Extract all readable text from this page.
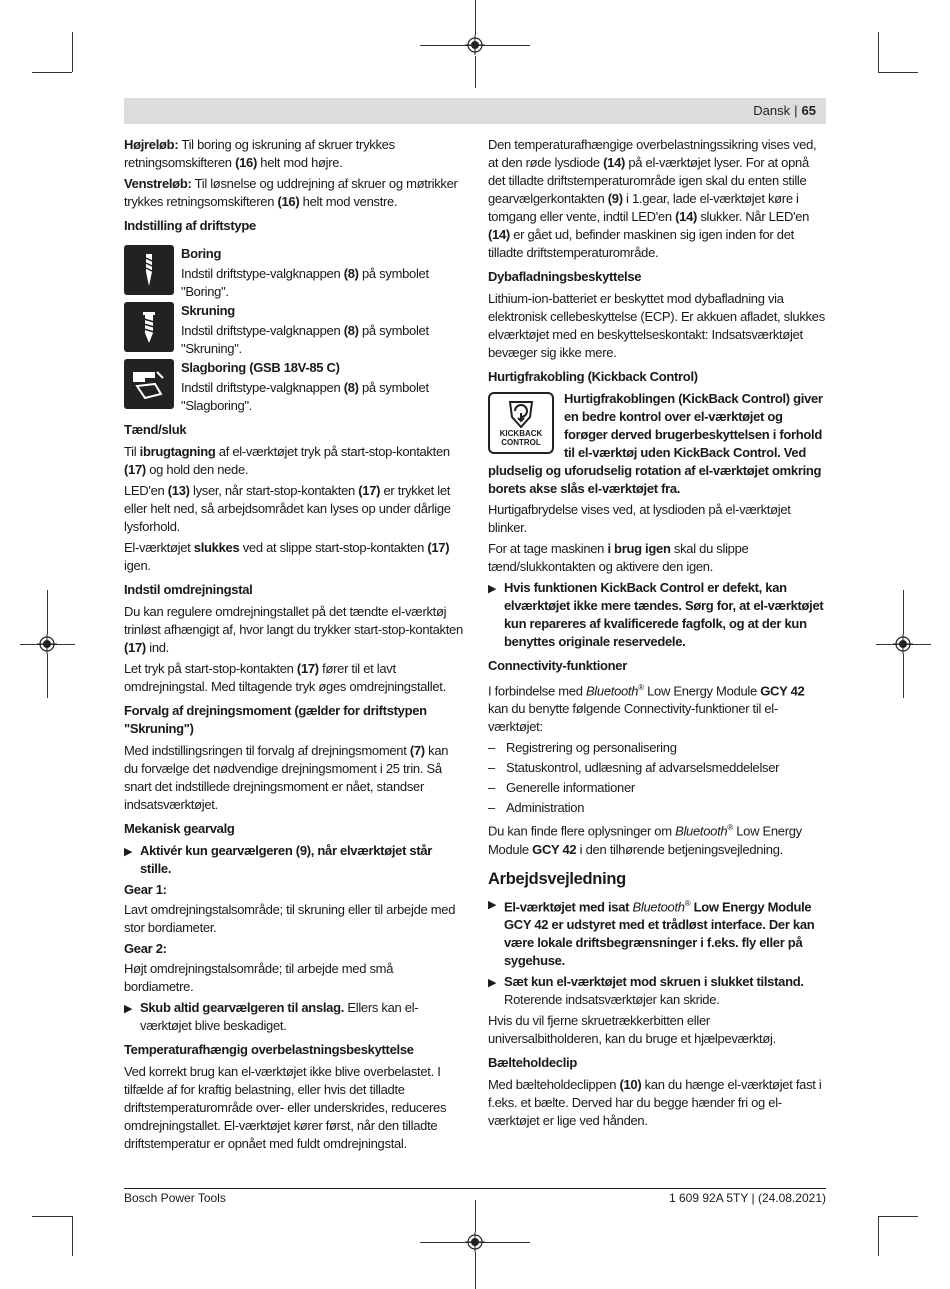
Dansk | 65

Højreløb: Til boring og iskruning af skruer trykkes retningsomskifteren (16) helt mod højre.

Venstreløb: Til løsnelse og uddrejning af skruer og møtrikker trykkes retningsomskifteren (16) helt mod venstre.

Indstilling af driftstype
Boring
Indstil driftstype-valgknappen (8) på symbolet "Boring".
Skruning
Indstil driftstype-valgknappen (8) på symbolet "Skruning".
Slagboring (GSB 18V-85 C)
Indstil driftstype-valgknappen (8) på symbolet "Slagboring".
Tænd/sluk

Til ibrugtagning af el-værktøjet tryk på start-stop-kontakten (17) og hold den nede.

LED'en (13) lyser, når start-stop-kontakten (17) er trykket let eller helt ned, så arbejdsområdet kan lyses op under dårlige lysforhold.

El-værktøjet slukkes ved at slippe start-stop-kontakten (17) igen.

Indstil omdrejningstal

Du kan regulere omdrejningstallet på det tændte el-værktøj trinløst afhængigt af, hvor langt du trykker start-stop-kontakten (17) ind.

Let tryk på start-stop-kontakten (17) fører til et lavt omdrejningstal. Med tiltagende tryk øges omdrejningstallet.

Forvalg af drejningsmoment (gælder for driftstypen "Skruning")

Med indstillingsringen til forvalg af drejningsmoment (7) kan du forvælge det nødvendige drejningsmoment i 25 trin. Så snart det indstillede drejningsmoment er nået, standser indsatsværktøjet.

Mekanisk gearvalg
▶ Aktivér kun gearvælgeren (9), når elværktøjet står stille.
Gear 1:

Lavt omdrejningstalsområde; til skruning eller til arbejde med stor bordiameter.

Gear 2:

Højt omdrejningstalsområde; til arbejde med små bordiametre.

▶ Skub altid gearvælgeren til anslag. Ellers kan el-værktøjet blive beskadiget.
Temperaturafhængig overbelastningsbeskyttelse

Ved korrekt brug kan el-værktøjet ikke blive overbelastet. I tilfælde af for kraftig belastning, eller hvis det tilladte driftstemperaturområde over- eller underskrides, reduceres omdrejningstallet. El-værktøjet kører først, når den tilladte driftstemperatur er opnået med fuldt omdrejningstal.

Den temperaturafhængige overbelastningssikring vises ved, at den røde lysdiode (14) på el-værktøjet lyser. For at opnå det tilladte driftstemperaturområde igen skal du enten stille gearvælgerkontakten (9) i 1.gear, lade el-værktøjet køre i tomgang eller vente, indtil LED'en (14) slukker. Når LED'en (14) er gået ud, befinder maskinen sig igen inden for det tilladte driftstemperaturområde.

Dybafladningsbeskyttelse

Lithium-ion-batteriet er beskyttet mod dybafladning via elektronisk cellebeskyttelse (ECP). Er akkuen afladet, slukkes elværktøjet med en beskyttelseskontakt: Indsatsværktøjet bevæger sig ikke mere.

Hurtigfrakobling (Kickback Control)
KICKBACK
CONTROL

Hurtigfrakoblingen (KickBack Control) giver en bedre kontrol over el-værktøjet og forøger derved brugerbeskyttelsen i forhold til el-værktøj uden KickBack Control. Ved pludselig og uforudselig rotation af el-værktøjet omkring borets akse slås el-værktøjet fra.

Hurtigafbrydelse vises ved, at lysdioden på el-værktøjet blinker.

For at tage maskinen i brug igen skal du slippe tænd/slukkontakten og aktivere den igen.

▶ Hvis funktionen KickBack Control er defekt, kan elværktøjet ikke mere tændes. Sørg for, at el-værktøjet kun repareres af kvalificerede fagfolk, og at der kun benyttes originale reservedele.
Connectivity-funktioner

I forbindelse med Bluetooth® Low Energy Module GCY 42 kan du benytte følgende Connectivity-funktioner til el-værktøjet:

– Registrering og personalisering
– Statuskontrol, udlæsning af advarselsmeddelelser
– Generelle informationer
– Administration

Du kan finde flere oplysninger om Bluetooth® Low Energy Module GCY 42 i den tilhørende betjeningsvejledning.

Arbejdsvejledning
▶ El-værktøjet med isat Bluetooth® Low Energy Module GCY 42 er udstyret med et trådløst interface. Der kan være lokale driftsbegrænsninger i f.eks. fly eller på sygehuse.
▶ Sæt kun el-værktøjet mod skruen i slukket tilstand.
Roterende indsatsværktøjer kan skride.

Hvis du vil fjerne skruetrækkerbitten eller universalbitholderen, kan du bruge et hjælpeværktøj.

Bælteholdeclip

Med bælteholdeclippen (10) kan du hænge el-værktøjet fast i f.eks. et bælte. Derved har du begge hænder fri og el-værktøjet er lige ved hånden.

Bosch Power Tools	1 609 92A 5TY | (24.08.2021)
